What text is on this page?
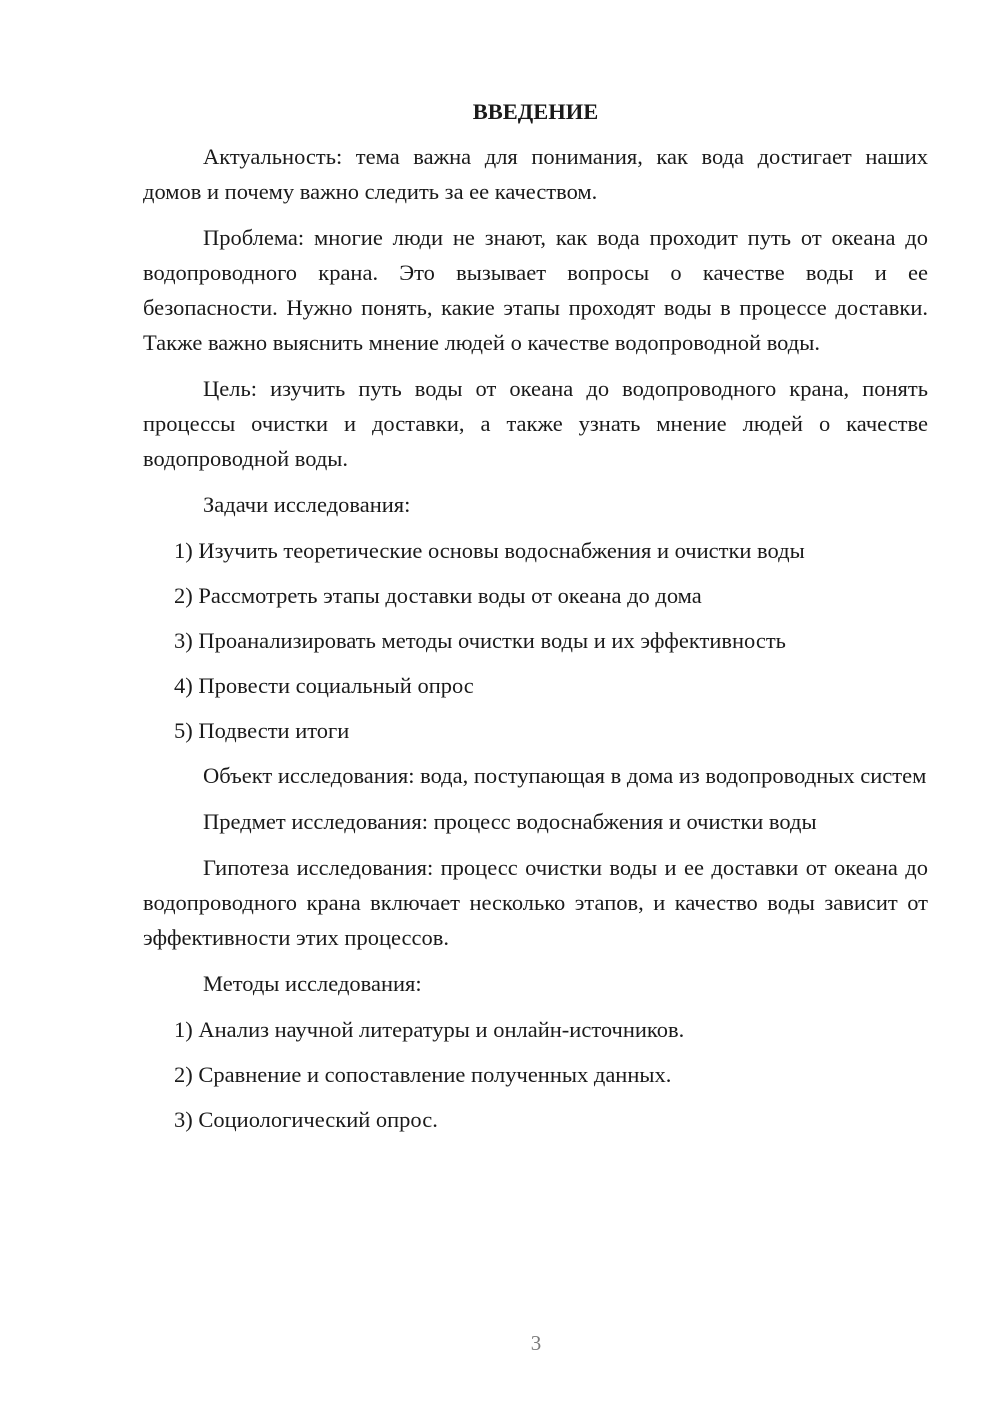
ВВЕДЕНИЕ
Актуальность: тема важна для понимания, как вода достигает наших домов и почему важно следить за ее качеством.
Проблема: многие люди не знают, как вода проходит путь от океана до водопроводного крана. Это вызывает вопросы о качестве воды и ее безопасности. Нужно понять, какие этапы проходят воды в процессе доставки. Также важно выяснить мнение людей о качестве водопроводной воды.
Цель: изучить путь воды от океана до водопроводного крана, понять процессы очистки и доставки, а также узнать мнение людей о качестве водопроводной воды.
Задачи исследования:
1) Изучить теоретические основы водоснабжения и очистки воды
2) Рассмотреть этапы доставки воды от океана до дома
3) Проанализировать методы очистки воды и их эффективность
4) Провести социальный опрос
5) Подвести итоги
Объект исследования: вода, поступающая в дома из водопроводных систем
Предмет исследования: процесс водоснабжения и очистки воды
Гипотеза исследования: процесс очистки воды и ее доставки от океана до водопроводного крана включает несколько этапов, и качество воды зависит от эффективности этих процессов.
Методы исследования:
1) Анализ научной литературы и онлайн-источников.
2) Сравнение и сопоставление полученных данных.
3) Социологический опрос.
3
